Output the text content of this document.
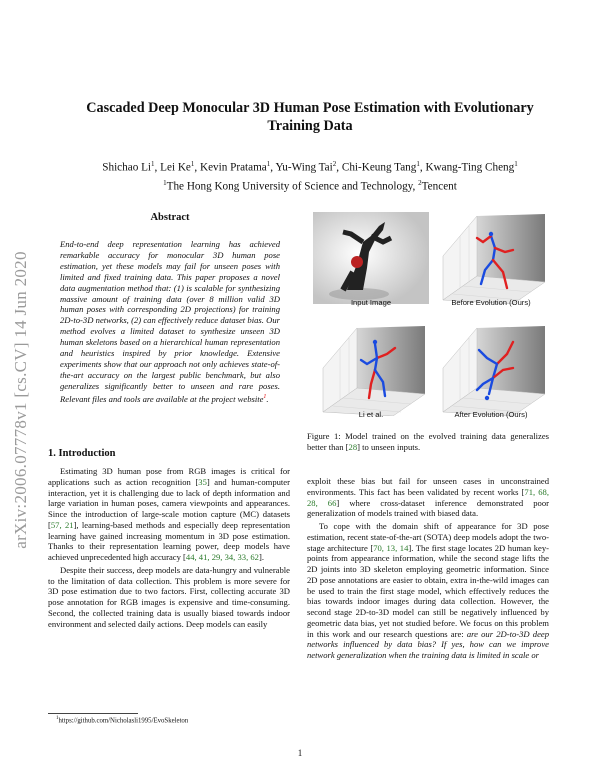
arXiv:2006.07778v1 [cs.CV] 14 Jun 2020
Cascaded Deep Monocular 3D Human Pose Estimation with Evolutionary
Training Data
Shichao Li$^1$, Lei Ke$^1$, Kevin Pratama$^1$, Yu-Wing Tai$^2$, Chi-Keung Tang$^1$, Kwang-Ting Cheng$^1$
$^1$The Hong Kong University of Science and Technology, $^2$Tencent
Abstract
End-to-end deep representation learning has achieved remarkable accuracy for monocular 3D human pose estimation, yet these models may fail for unseen poses with limited and fixed training data. This paper proposes a novel data augmentation method that: (1) is scalable for synthesizing massive amount of training data (over 8 million valid 3D human poses with corresponding 2D projections) for training 2D-to-3D networks, (2) can effectively reduce dataset bias. Our method evolves a limited dataset to synthesize unseen 3D human skeletons based on a hierarchical human representation and heuristics inspired by prior knowledge. Extensive experiments show that our approach not only achieves state-of-the-art accuracy on the largest public benchmark, but also generalizes significantly better to unseen and rare poses. Relevant files and tools are available at the project website$^1$.
Input Image	Before Evolution (Ours)
Li et al.	After Evolution (Ours)
Figure 1: Model trained on the evolved training data generalizes better than [28] to unseen inputs.
1. Introduction

Estimating 3D human pose from RGB images is critical for applications such as action recognition [35] and human-computer interaction, yet it is challenging due to lack of depth information and large variation in human poses, camera viewpoints and appearances. Since the introduction of large-scale motion capture (MC) datasets [57, 21], learning-based methods and especially deep representation learning have gained increasing momentum in 3D pose estimation. Thanks to their representation learning power, deep models have achieved unprecedented high accuracy [44, 41, 29, 34, 33, 62].

Despite their success, deep models are data-hungry and vulnerable to the limitation of data collection. This problem is more severe for 3D pose estimation due to two factors. First, collecting accurate 3D pose annotation for RGB images is expensive and time-consuming. Second, the collected training data is usually biased towards indoor environment and selected daily actions. Deep models can easily

exploit these bias but fail for unseen cases in unconstrained environments. This fact has been validated by recent works [71, 68, 28, 66] where cross-dataset inference demonstrated poor generalization of models trained with biased data.

To cope with the domain shift of appearance for 3D pose estimation, recent state-of-the-art (SOTA) deep models adopt the two-stage architecture [70, 13, 14]. The first stage locates 2D human key-points from appearance information, while the second stage lifts the 2D joints into 3D skeleton employing geometric information. Since 2D pose annotations are easier to obtain, extra in-the-wild images can be used to train the first stage model, which effectively reduces the bias towards indoor images during data collection. However, the second stage 2D-to-3D model can still be negatively influenced by geometric data bias, yet not studied before. We focus on this problem in this work and our research questions are: are our 2D-to-3D deep networks influenced by data bias? If yes, how can we improve network generalization when the training data is limited in scale or

$^1$https://github.com/Nicholasli1995/EvoSkeleton
1
